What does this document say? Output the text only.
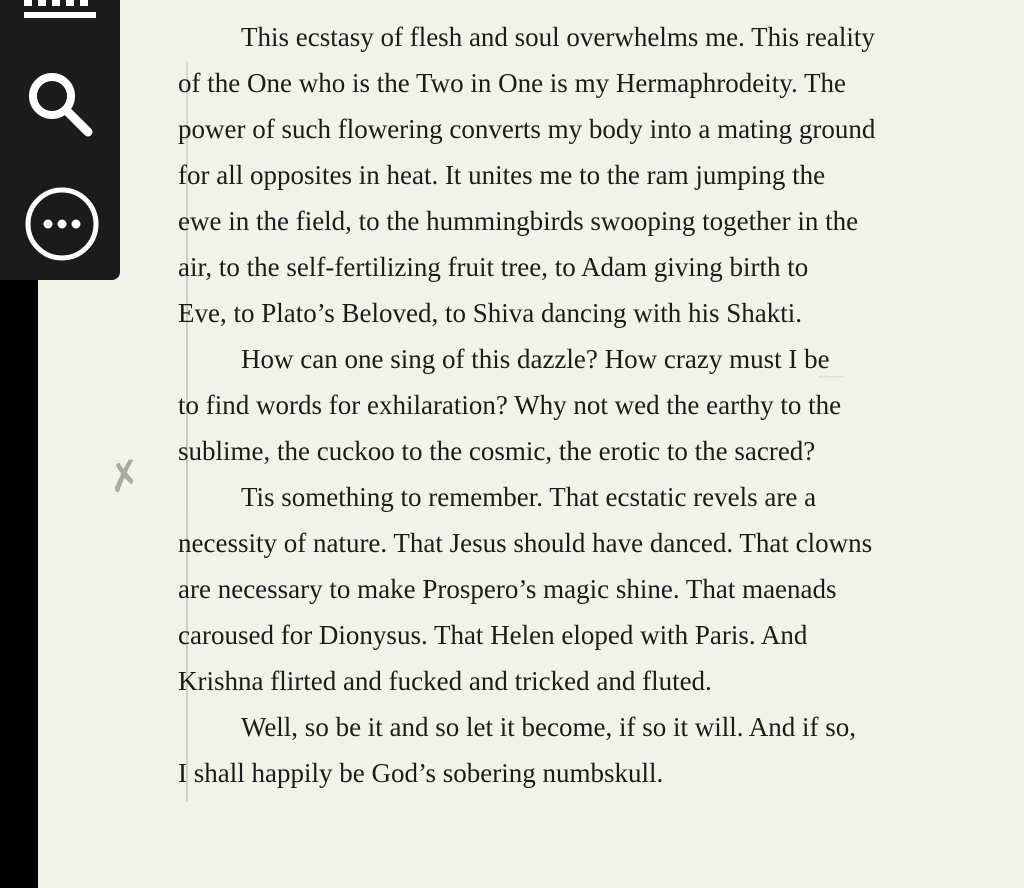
—
✗

This ecstasy of flesh and soul overwhelms me. This reality
of the One who is the Two in One is my Hermaphrodeity. The
power of such flowering converts my body into a mating ground
for all opposites in heat. It unites me to the ram jumping the
ewe in the field, to the hummingbirds swooping together in the
air, to the self-fertilizing fruit tree, to Adam giving birth to
Eve, to Plato’s Beloved, to Shiva dancing with his Shakti.

How can one sing of this dazzle? How crazy must I be
to find words for exhilaration? Why not wed the earthy to the
sublime, the cuckoo to the cosmic, the erotic to the sacred?

Tis something to remember. That ecstatic revels are a
necessity of nature. That Jesus should have danced. That clowns
are necessary to make Prospero’s magic shine. That maenads
caroused for Dionysus. That Helen eloped with Paris. And
Krishna flirted and fucked and tricked and fluted.

Well, so be it and so let it become, if so it will. And if so,
I shall happily be God’s sobering numbskull.
